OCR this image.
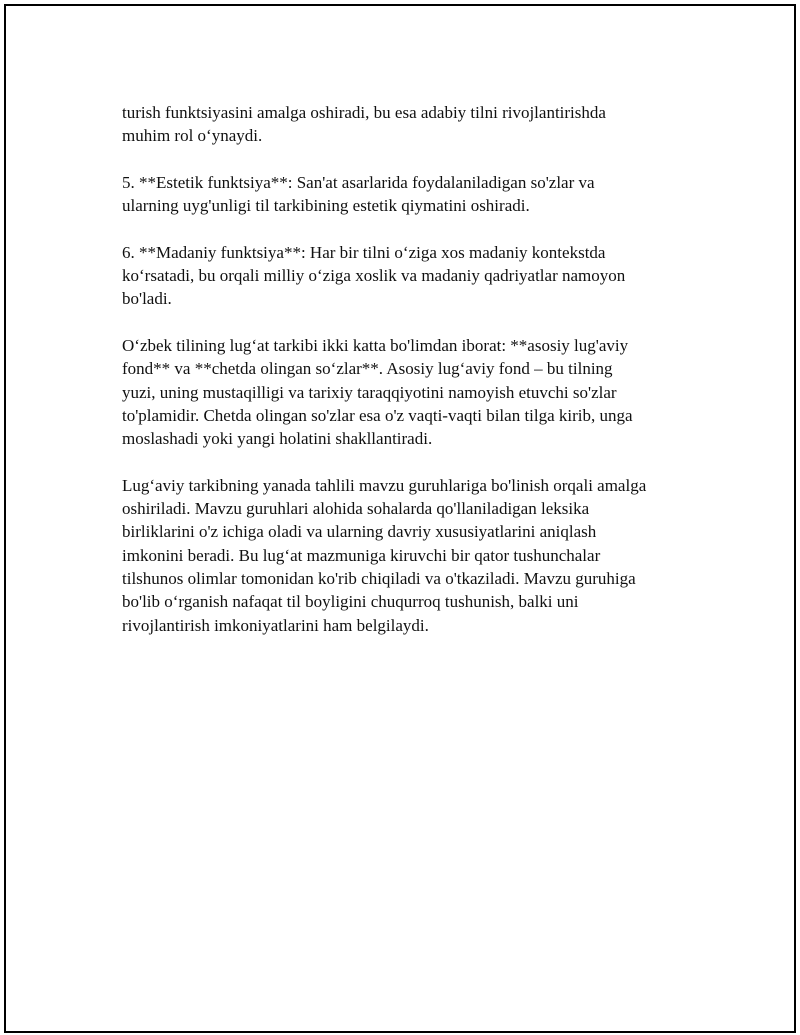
turish funktsiyasini amalga oshiradi, bu esa adabiy tilni rivojlantirishda
muhim rol o‘ynaydi.

5. **Estetik funktsiya**: San'at asarlarida foydalaniladigan so'zlar va
ularning uyg'unligi til tarkibining estetik qiymatini oshiradi.

6. **Madaniy funktsiya**: Har bir tilni o‘ziga xos madaniy kontekstda
ko‘rsatadi, bu orqali milliy o‘ziga xoslik va madaniy qadriyatlar namoyon
bo'ladi.

O‘zbek tilining lug‘at tarkibi ikki katta bo'limdan iborat: **asosiy lug'aviy
fond** va **chetda olingan so‘zlar**. Asosiy lug‘aviy fond – bu tilning
yuzi, uning mustaqilligi va tarixiy taraqqiyotini namoyish etuvchi so'zlar
to'plamidir. Chetda olingan so'zlar esa o'z vaqti-vaqti bilan tilga kirib, unga
moslashadi yoki yangi holatini shakllantiradi.

Lug‘aviy tarkibning yanada tahlili mavzu guruhlariga bo'linish orqali amalga
oshiriladi. Mavzu guruhlari alohida sohalarda qo'llaniladigan leksika
birliklarini o'z ichiga oladi va ularning davriy xususiyatlarini aniqlash
imkonini beradi. Bu lug‘at mazmuniga kiruvchi bir qator tushunchalar
tilshunos olimlar tomonidan ko'rib chiqiladi va o'tkaziladi. Mavzu guruhiga
bo'lib o‘rganish nafaqat til boyligini chuqurroq tushunish, balki uni
rivojlantirish imkoniyatlarini ham belgilaydi.
